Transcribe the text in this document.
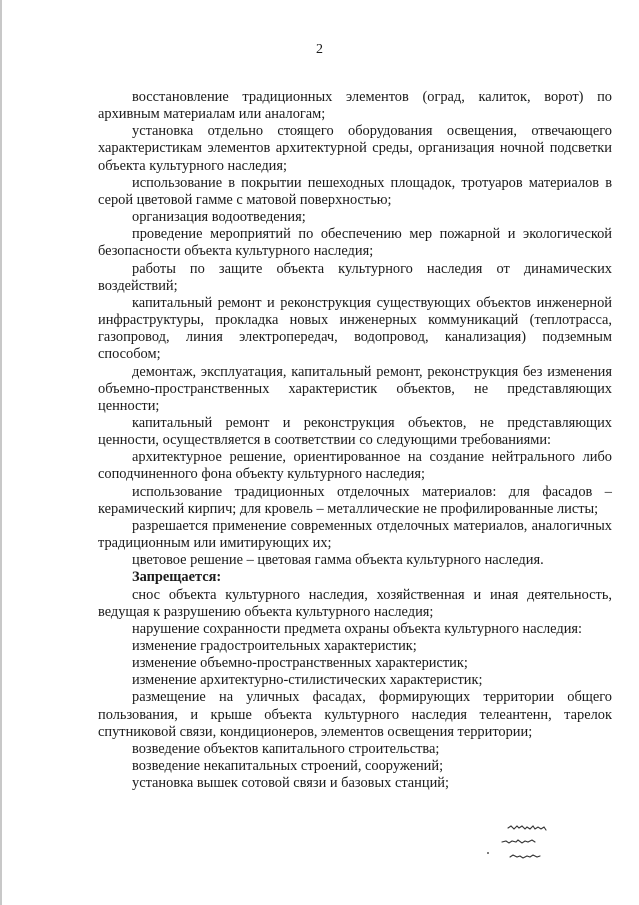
2

восстановление традиционных элементов (оград, калиток, ворот) по архивным материалам или аналогам;

установка отдельно стоящего оборудования освещения, отвечающего характеристикам элементов архитектурной среды, организация ночной подсветки объекта культурного наследия;

использование в покрытии пешеходных площадок, тротуаров материалов в серой цветовой гамме с матовой поверхностью;

организация водоотведения;

проведение мероприятий по обеспечению мер пожарной и экологической безопасности объекта культурного наследия;

работы по защите объекта культурного наследия от динамических воздействий;

капитальный ремонт и реконструкция существующих объектов инженерной инфраструктуры, прокладка новых инженерных коммуникаций (теплотрасса, газопровод, линия электропередач, водопровод, канализация) подземным способом;

демонтаж, эксплуатация, капитальный ремонт, реконструкция без изменения объемно-пространственных характеристик объектов, не представляющих ценности;

капитальный ремонт и реконструкция объектов, не представляющих ценности, осуществляется в соответствии со следующими требованиями:

архитектурное решение, ориентированное на создание нейтрального либо соподчиненного фона объекту культурного наследия;

использование традиционных отделочных материалов: для фасадов – керамический кирпич; для кровель – металлические не профилированные листы;

разрешается применение современных отделочных материалов, аналогичных традиционным или имитирующих их;

цветовое решение – цветовая гамма объекта культурного наследия.

Запрещается:

снос объекта культурного наследия, хозяйственная и иная деятельность, ведущая к разрушению объекта культурного наследия;

нарушение сохранности предмета охраны объекта культурного наследия:

изменение градостроительных характеристик;

изменение объемно-пространственных характеристик;

изменение архитектурно-стилистических характеристик;

размещение на уличных фасадах, формирующих территории общего пользования, и крыше объекта культурного наследия телеантенн, тарелок спутниковой связи, кондиционеров, элементов освещения территории;

возведение объектов капитального строительства;

возведение некапитальных строений, сооружений;

установка вышек сотовой связи и базовых станций;
